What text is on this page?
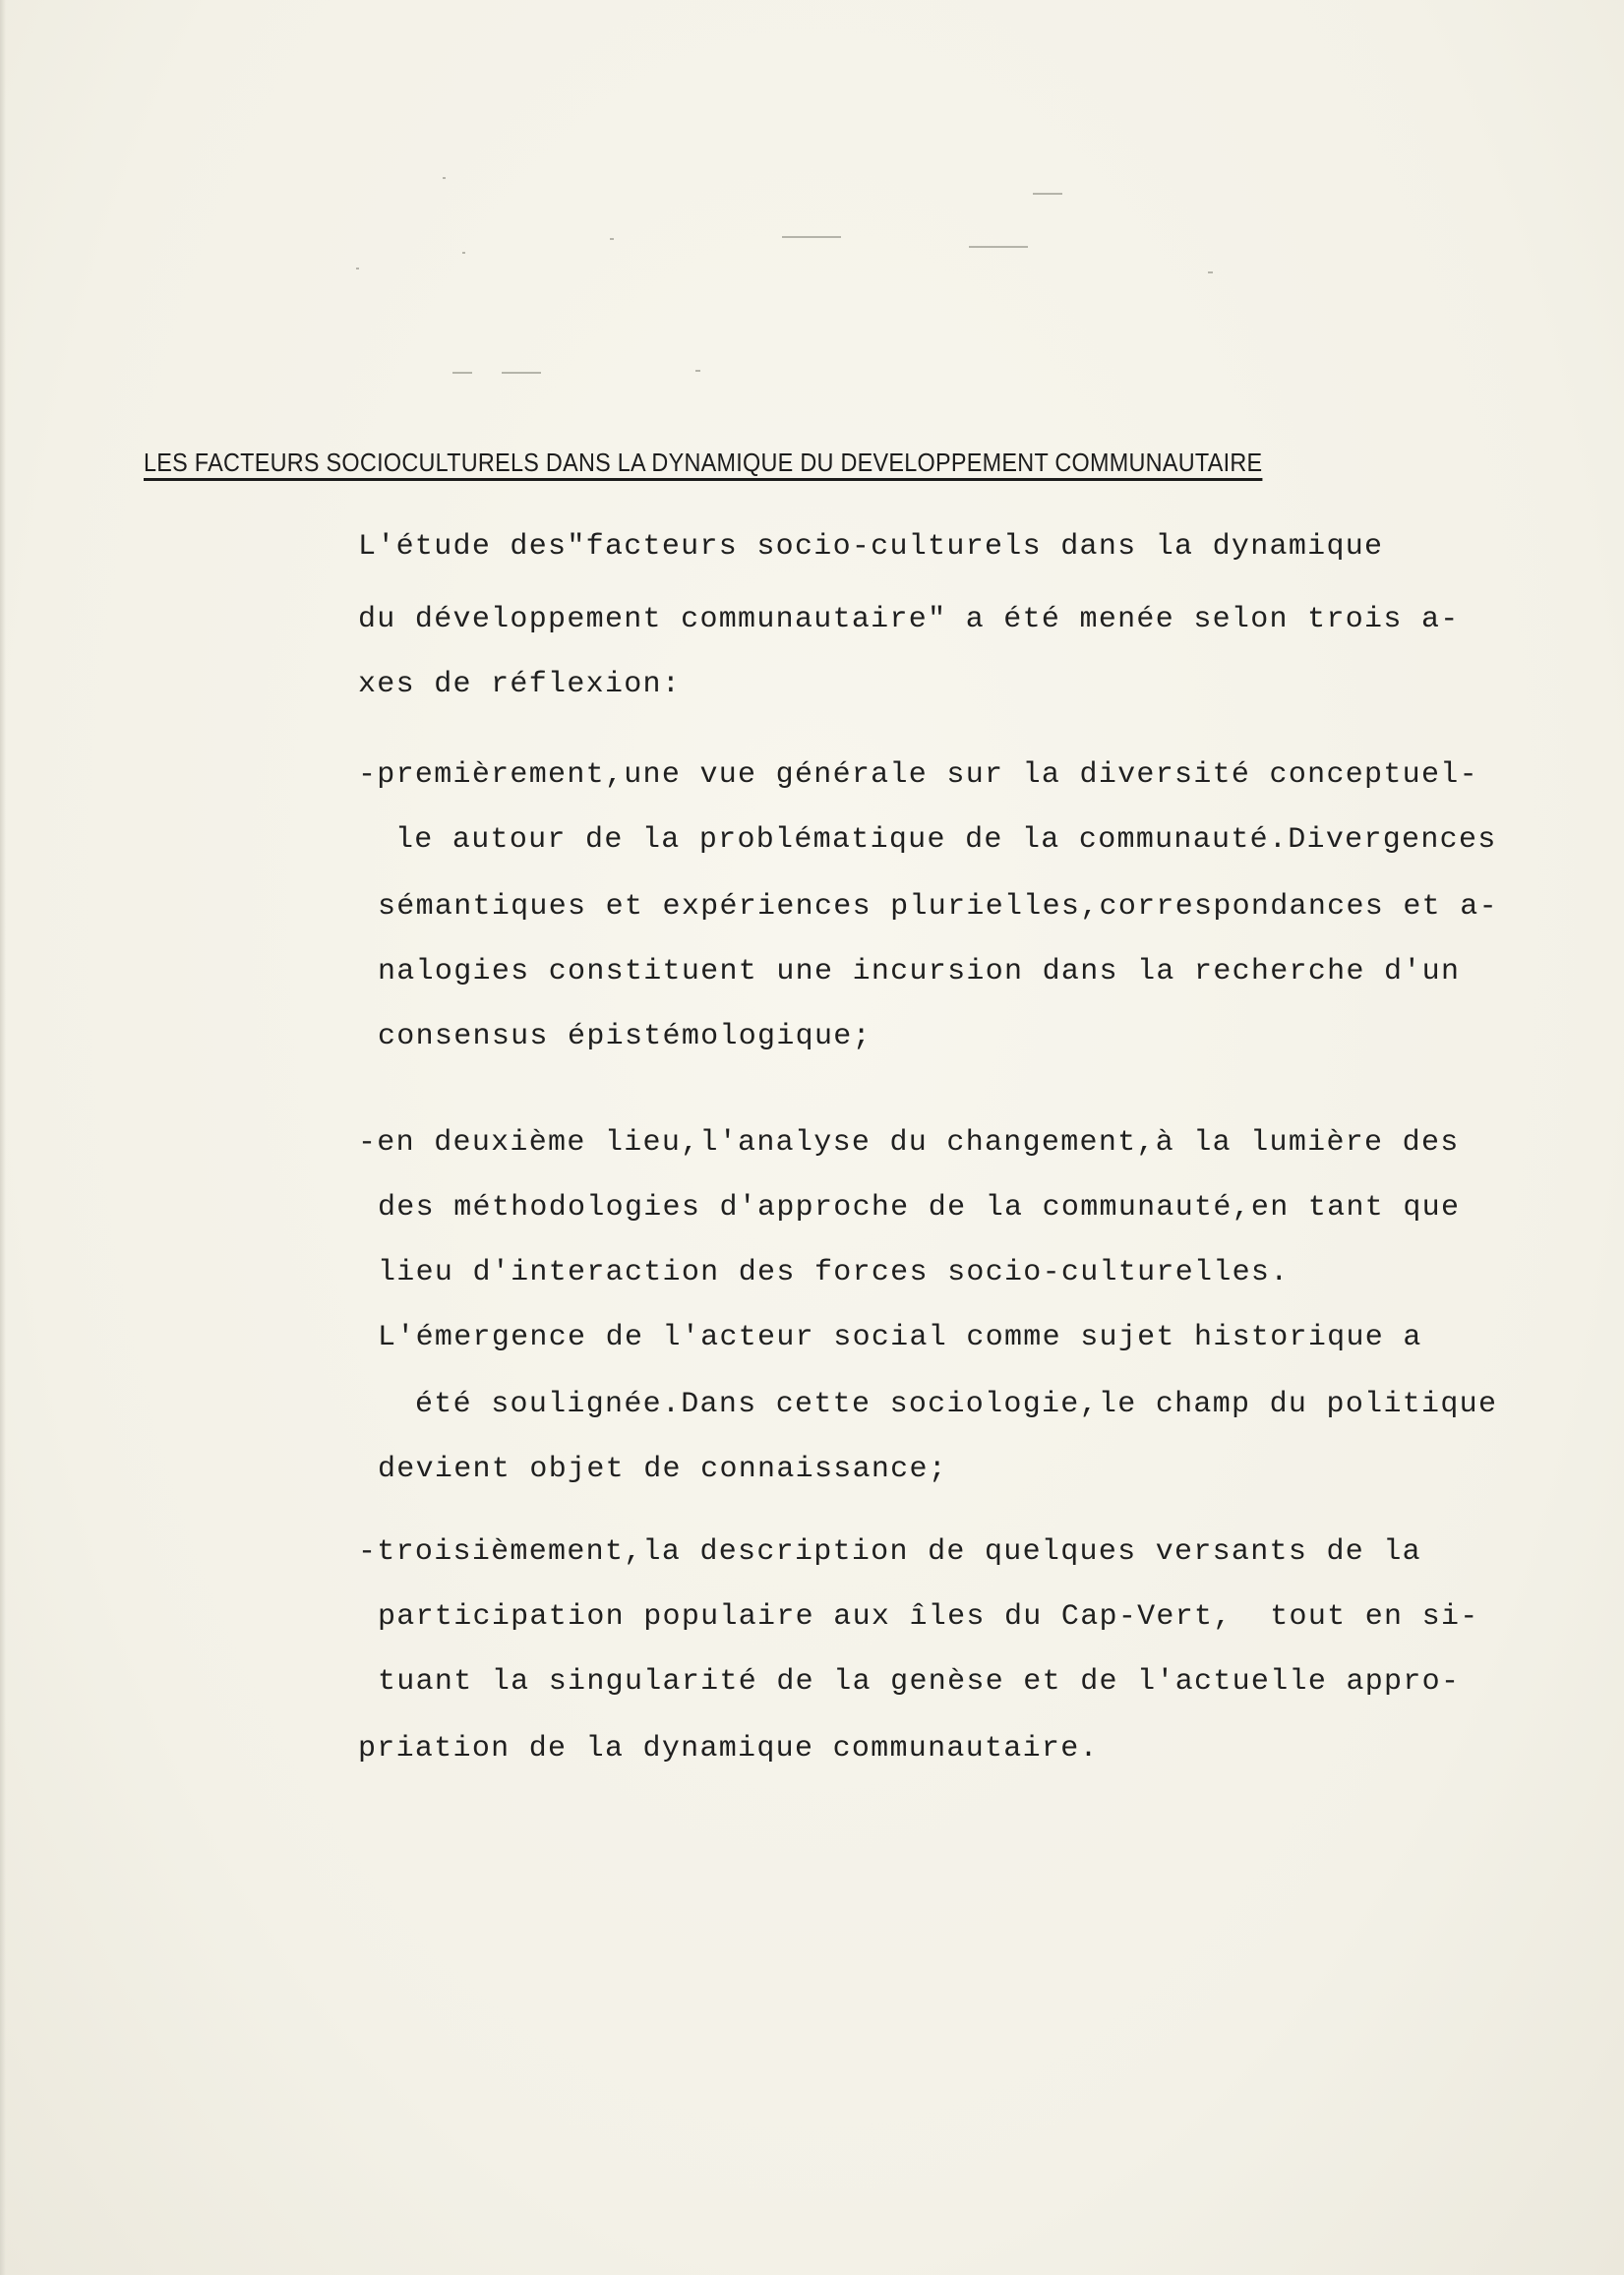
LES FACTEURS SOCIOCULTURELS DANS LA DYNAMIQUE DU DEVELOPPEMENT COMMUNAUTAIRE
L'étude des"facteurs socio-culturels dans la dynamique
du développement communautaire" a été menée selon trois a-
xes de réflexion:
-premièrement,une vue générale sur la diversité conceptuel-
le autour de la problématique de la communauté.Divergences
sémantiques et expériences plurielles,correspondances et a-
nalogies constituent une incursion dans la recherche d'un
consensus épistémologique;
-en deuxième lieu,l'analyse du changement,à la lumière des
des méthodologies d'approche de la communauté,en tant que
lieu d'interaction des forces socio-culturelles.
L'émergence de l'acteur social comme sujet historique a
été soulignée.Dans cette sociologie,le champ du politique
devient objet de connaissance;
-troisièmement,la description de quelques versants de la
participation populaire aux îles du Cap-Vert,  tout en si-
tuant la singularité de la genèse et de l'actuelle appro-
priation de la dynamique communautaire.
